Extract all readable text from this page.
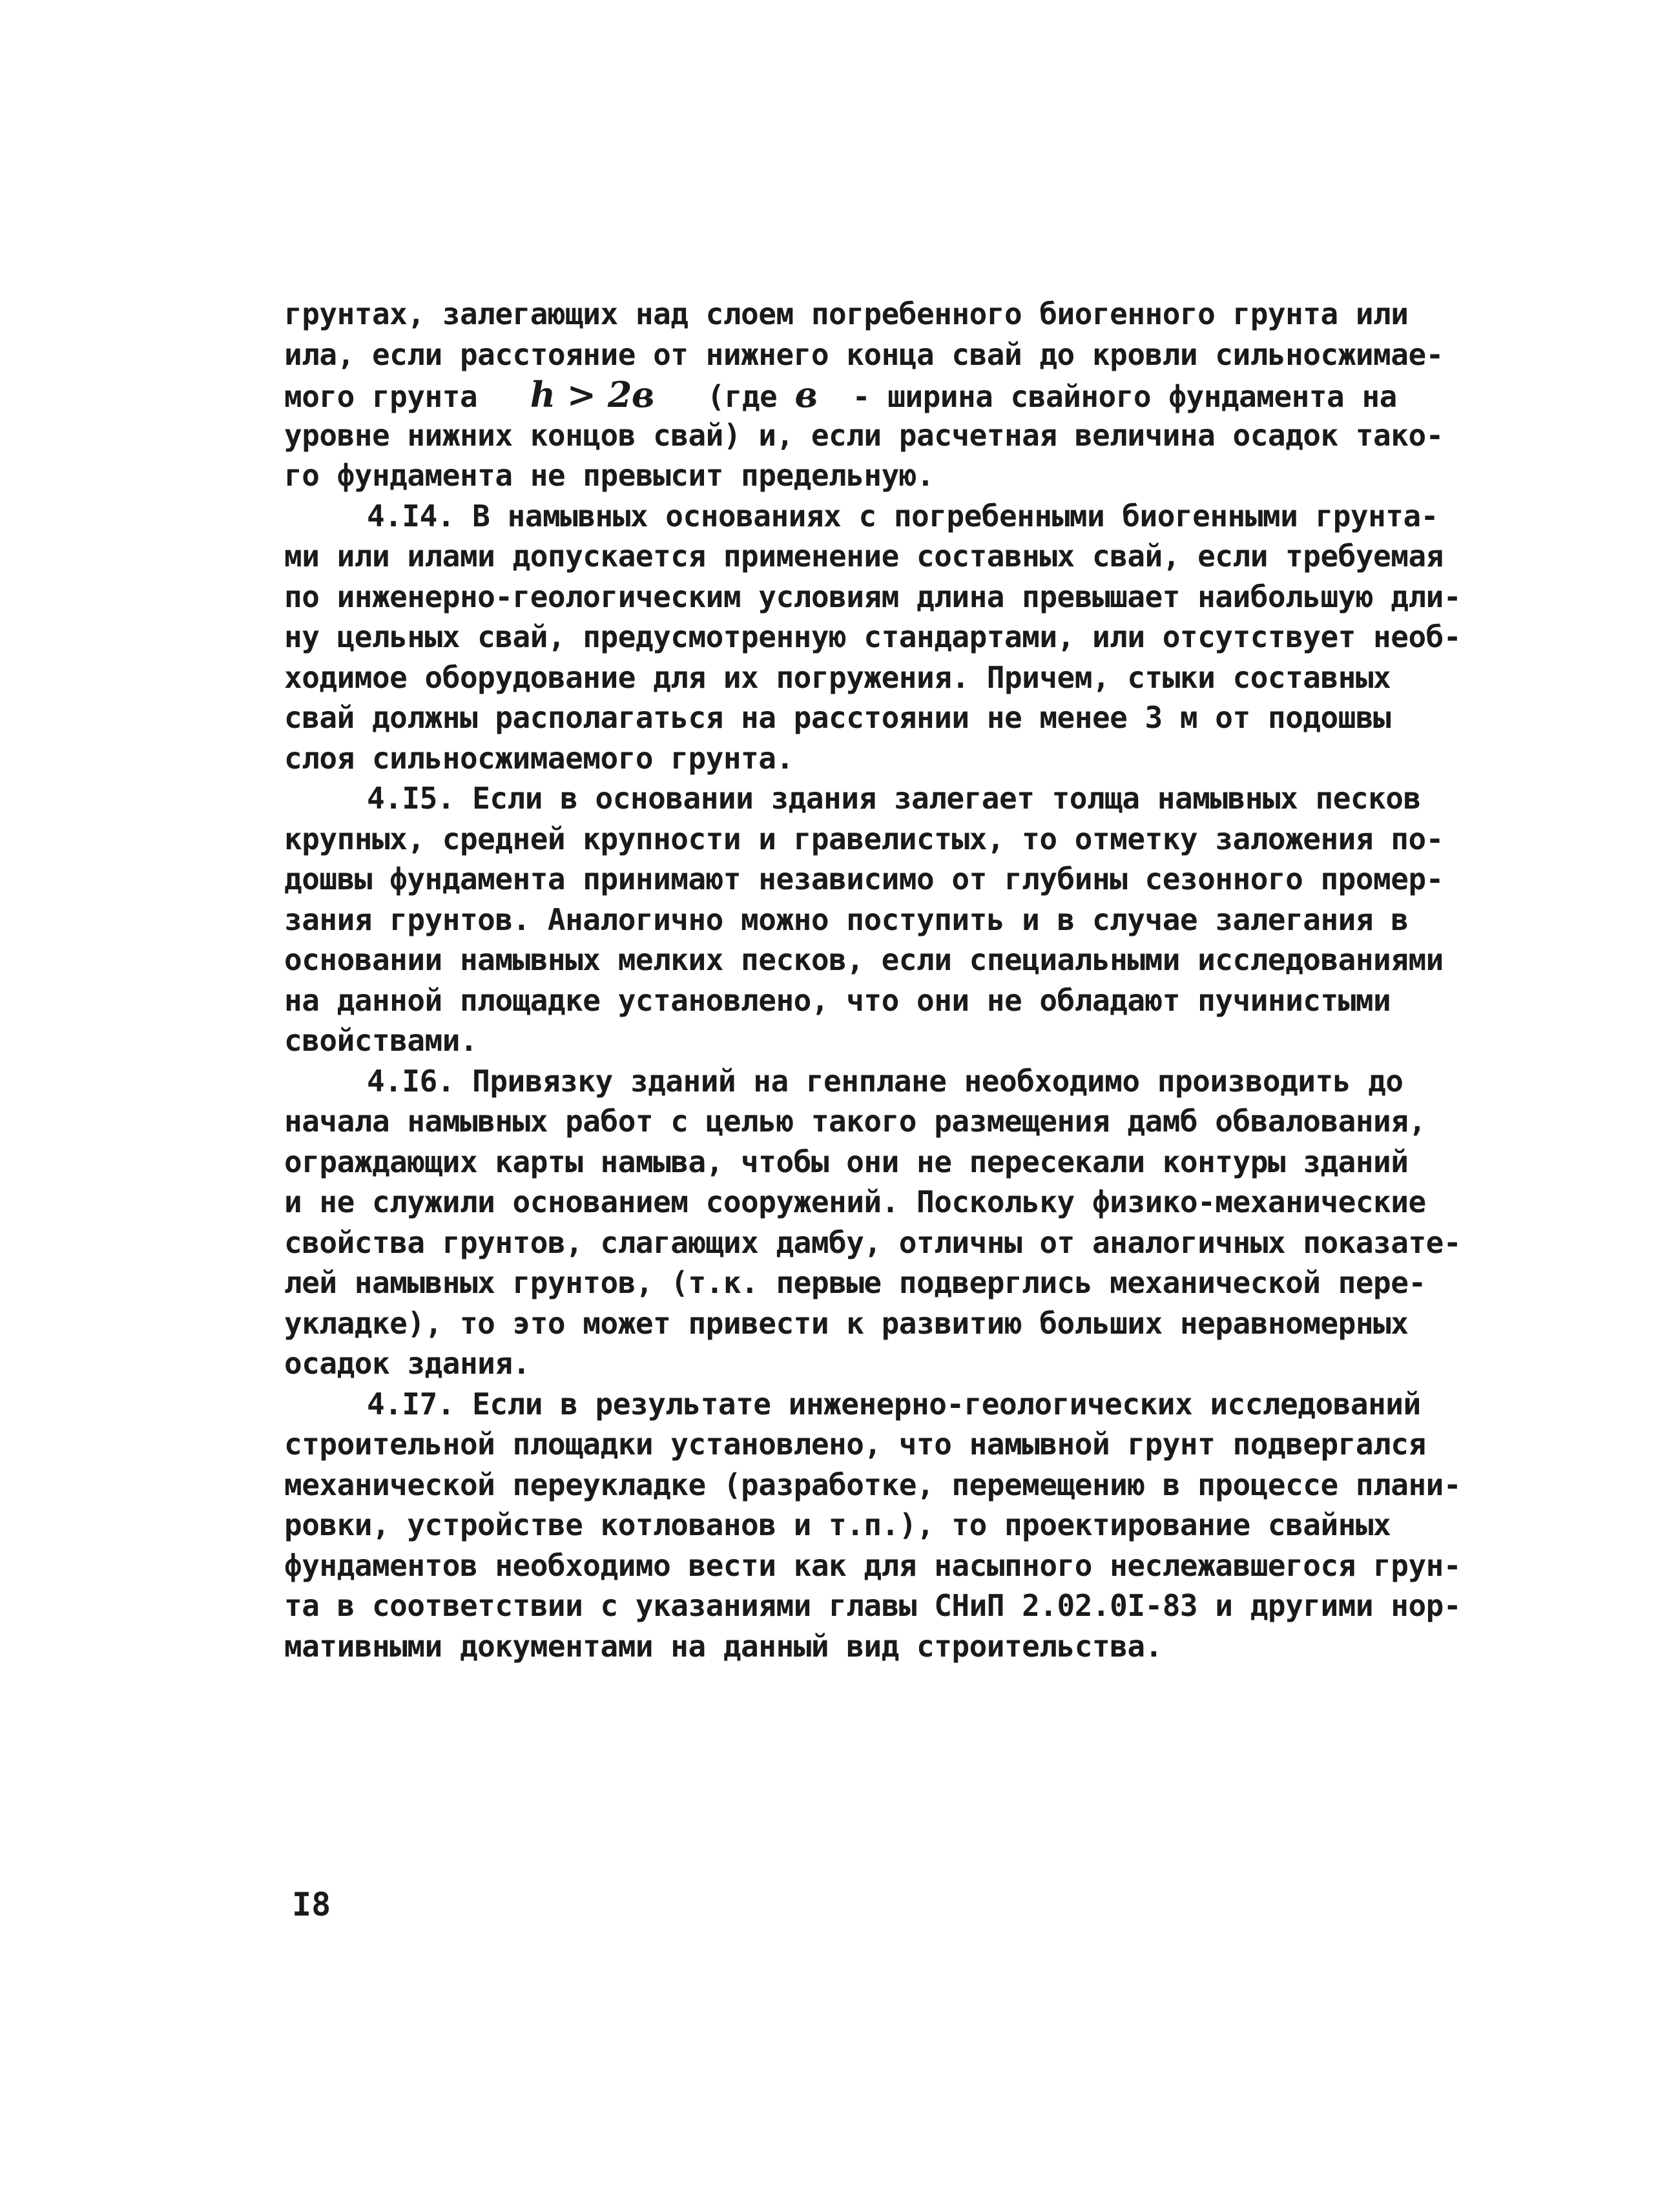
грунтах, залегающих над слоем погребенного биогенного грунта или
ила, если расстояние от нижнего конца свай до кровли сильносжимае-
мого грунта   h > 2в   (где в  - ширина свайного фундамента на
уровне нижних концов свай) и, если расчетная величина осадок тако-
го фундамента не превысит предельную.
4.I4. В намывных основаниях с погребенными биогенными грунта-
ми или илами допускается применение составных свай, если требуемая
по инженерно-геологическим условиям длина превышает наибольшую дли-
ну цельных свай, предусмотренную стандартами, или отсутствует необ-
ходимое оборудование для их погружения. Причем, стыки составных
свай должны располагаться на расстоянии не менее 3 м от подошвы
слоя сильносжимаемого грунта.
4.I5. Если в основании здания залегает толща намывных песков
крупных, средней крупности и гравелистых, то отметку заложения по-
дошвы фундамента принимают независимо от глубины сезонного промер-
зания грунтов. Аналогично можно поступить и в случае залегания в
основании намывных мелких песков, если специальными исследованиями
на данной площадке установлено, что они не обладают пучинистыми
свойствами.
4.I6. Привязку зданий на генплане необходимо производить до
начала намывных работ с целью такого размещения дамб обвалования,
ограждающих карты намыва, чтобы они не пересекали контуры зданий
и не служили основанием сооружений. Поскольку физико-механические
свойства грунтов, слагающих дамбу, отличны от аналогичных показате-
лей намывных грунтов, (т.к. первые подверглись механической пере-
укладке), то это может привести к развитию больших неравномерных
осадок здания.
4.I7. Если в результате инженерно-геологических исследований
строительной площадки установлено, что намывной грунт подвергался
механической переукладке (разработке, перемещению в процессе плани-
ровки, устройстве котлованов и т.п.), то проектирование свайных
фундаментов необходимо вести как для насыпного неслежавшегося грун-
та в соответствии с указаниями главы СНиП 2.02.0I-83 и другими нор-
мативными документами на данный вид строительства.
I8
